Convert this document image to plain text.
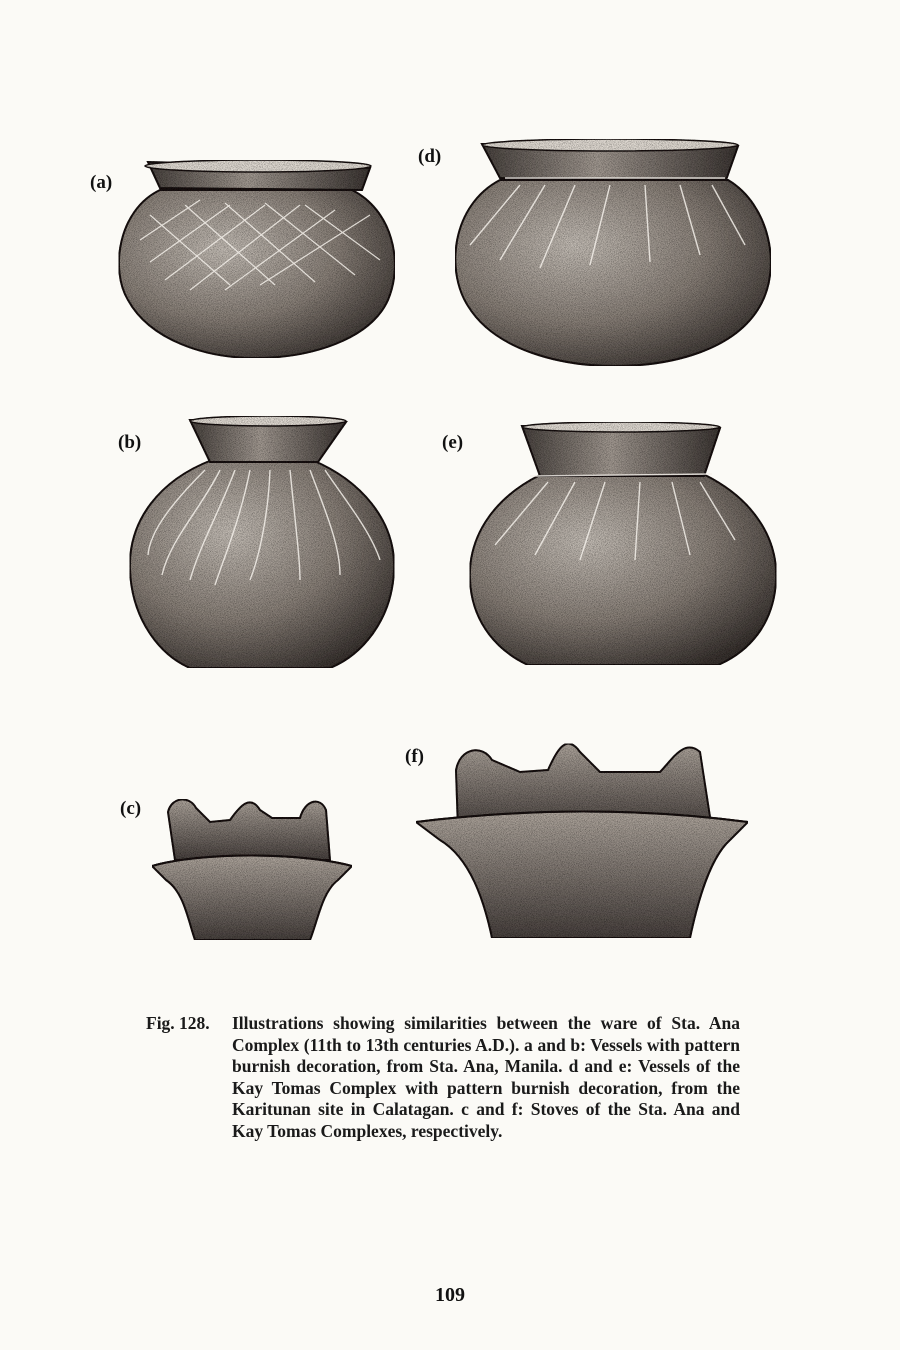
(a)
(d)
(b)	(e)
(f)
(c)
Fig. 128.	Illustrations showing similarities between the ware of Sta. Ana Complex (11th to 13th centuries A.D.). a and b: Vessels with pattern burnish decoration, from Sta. Ana, Manila. d and e: Vessels of the Kay Tomas Complex with pattern burnish decoration, from the Karitunan site in Calatagan. c and f: Stoves of the Sta. Ana and Kay Tomas Complexes, respectively.
109
